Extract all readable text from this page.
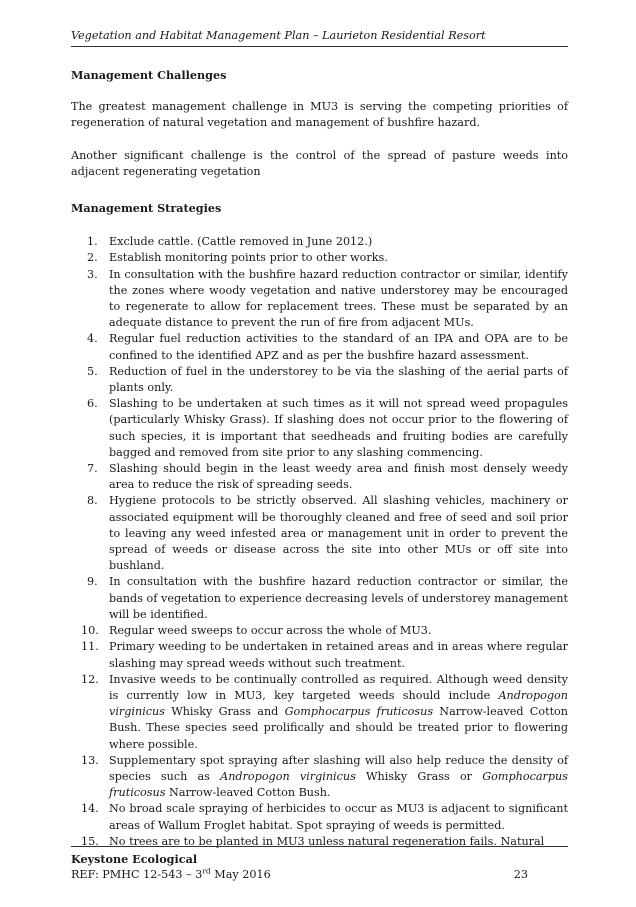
Vegetation and Habitat Management Plan – Laurieton Residential Resort

Management Challenges

The greatest management challenge in MU3 is serving the competing priorities of regeneration of natural vegetation and management of bushfire hazard.

Another significant challenge is the control of the spread of pasture weeds into adjacent regenerating vegetation

Management Strategies

1.	Exclude cattle. (Cattle removed in June 2012.)
2.	Establish monitoring points prior to other works.
3.	In consultation with the bushfire hazard reduction contractor or similar, identify the zones where woody vegetation and native understorey may be encouraged to regenerate to allow for replacement trees. These must be separated by an adequate distance to prevent the run of fire from adjacent MUs.
4.	Regular fuel reduction activities to the standard of an IPA and OPA are to be confined to the identified APZ and as per the bushfire hazard assessment.
5.	Reduction of fuel in the understorey to be via the slashing of the aerial parts of plants only.
6.	Slashing to be undertaken at such times as it will not spread weed propagules (particularly Whisky Grass). If slashing does not occur prior to the flowering of such species, it is important that seedheads and fruiting bodies are carefully bagged and removed from site prior to any slashing commencing.
7.	Slashing should begin in the least weedy area and finish most densely weedy area to reduce the risk of spreading seeds.
8.	Hygiene protocols to be strictly observed. All slashing vehicles, machinery or associated equipment will be thoroughly cleaned and free of seed and soil prior to leaving any weed infested area or management unit in order to prevent the spread of weeds or disease across the site into other MUs or off site into bushland.
9.	In consultation with the bushfire hazard reduction contractor or similar, the bands of vegetation to experience decreasing levels of understorey management will be identified.
10. Regular weed sweeps to occur across the whole of MU3.
11. Primary weeding to be undertaken in retained areas and in areas where regular slashing may spread weeds without such treatment.
12. Invasive weeds to be continually controlled as required. Although weed density is currently low in MU3, key targeted weeds should include Andropogon virginicus Whisky Grass and Gomphocarpus fruticosus Narrow-leaved Cotton Bush. These species seed prolifically and should be treated prior to flowering where possible.
13. Supplementary spot spraying after slashing will also help reduce the density of species such as Andropogon virginicus Whisky Grass or Gomphocarpus fruticosus Narrow-leaved Cotton Bush.
14. No broad scale spraying of herbicides to occur as MU3 is adjacent to significant areas of Wallum Froglet habitat. Spot spraying of weeds is permitted.
15. No trees are to be planted in MU3 unless natural regeneration fails. Natural
Keystone Ecological
REF: PMHC 12-543 – 3rd May 2016	23
